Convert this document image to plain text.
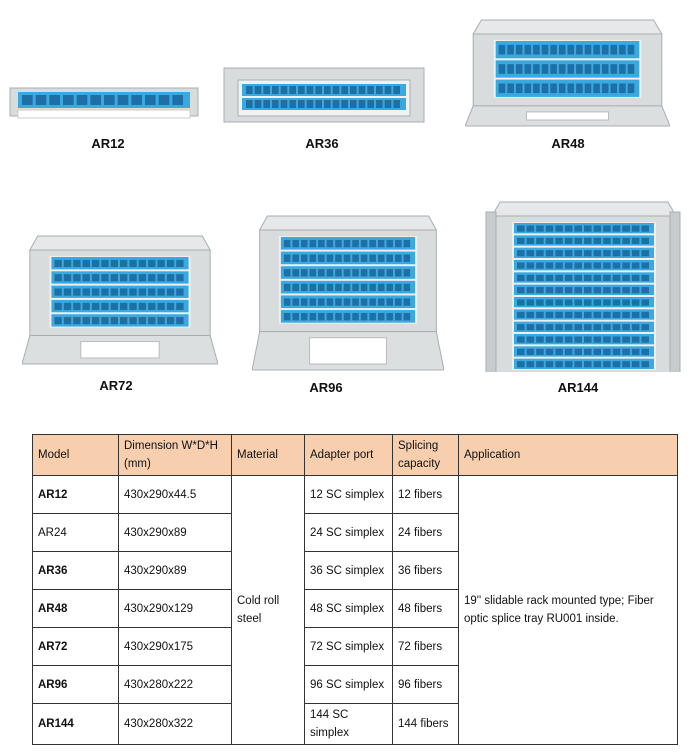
AR12	AR36	AR48
AR72	AR96	AR144
Model	Dimension W*D*H (mm)	Material	Adapter port	Splicing capacity	Application
AR12	430x290x44.5	Cold roll steel	12 SC simplex	12 fibers	19'' slidable rack mounted type; Fiber optic splice tray RU001 inside.
AR24	430x290x89		24 SC simplex	24 fibers	
AR36	430x290x89		36 SC simplex	36 fibers	
AR48	430x290x129		48 SC simplex	48 fibers	
AR72	430x290x175		72 SC simplex	72 fibers	
AR96	430x280x222		96 SC simplex	96 fibers	
AR144	430x280x322		144 SC simplex	144 fibers	
